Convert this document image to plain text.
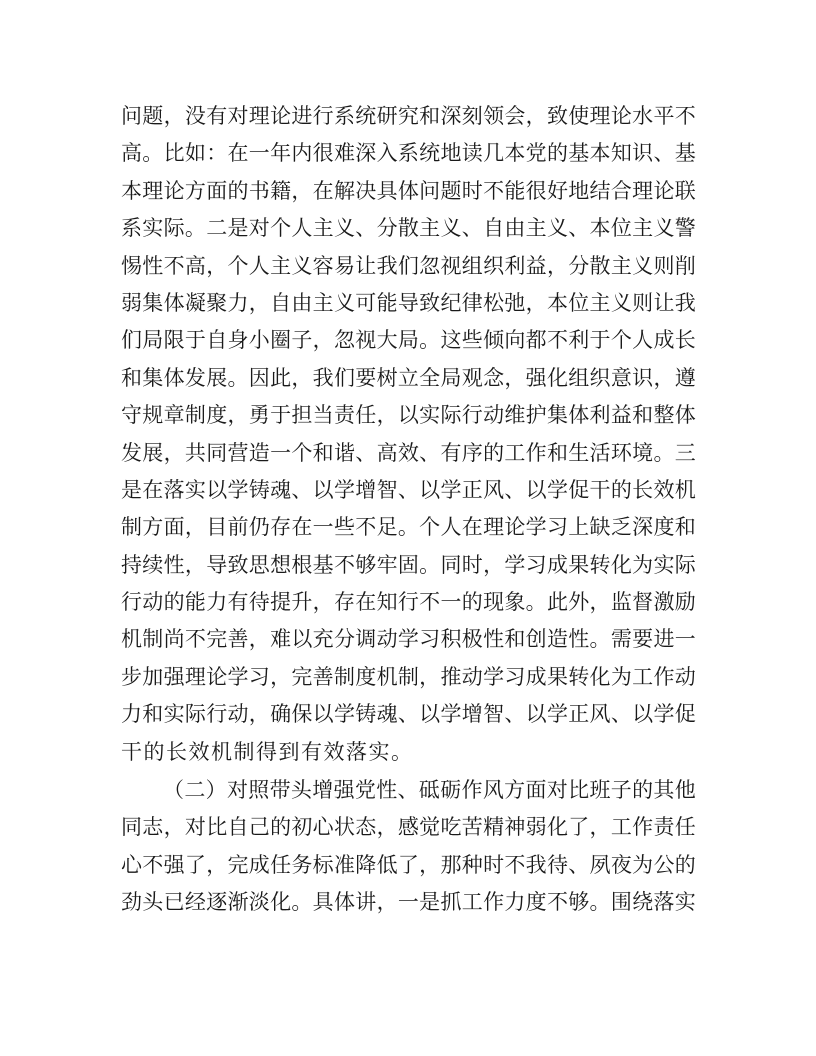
问题，没有对理论进行系统研究和深刻领会，致使理论水平不
高。比如：在一年内很难深入系统地读几本党的基本知识、基
本理论方面的书籍，在解决具体问题时不能很好地结合理论联
系实际。二是对个人主义、分散主义、自由主义、本位主义警
惕性不高，个人主义容易让我们忽视组织利益，分散主义则削
弱集体凝聚力，自由主义可能导致纪律松弛，本位主义则让我
们局限于自身小圈子，忽视大局。这些倾向都不利于个人成长
和集体发展。因此，我们要树立全局观念，强化组织意识，遵
守规章制度，勇于担当责任，以实际行动维护集体利益和整体
发展，共同营造一个和谐、高效、有序的工作和生活环境。三
是在落实以学铸魂、以学增智、以学正风、以学促干的长效机
制方面，目前仍存在一些不足。个人在理论学习上缺乏深度和
持续性，导致思想根基不够牢固。同时，学习成果转化为实际
行动的能力有待提升，存在知行不一的现象。此外，监督激励
机制尚不完善，难以充分调动学习积极性和创造性。需要进一
步加强理论学习，完善制度机制，推动学习成果转化为工作动
力和实际行动，确保以学铸魂、以学增智、以学正风、以学促
干的长效机制得到有效落实。
（二）对照带头增强党性、砥砺作风方面对比班子的其他
同志，对比自己的初心状态，感觉吃苦精神弱化了，工作责任
心不强了，完成任务标准降低了，那种时不我待、夙夜为公的
劲头已经逐渐淡化。具体讲，一是抓工作力度不够。围绕落实
